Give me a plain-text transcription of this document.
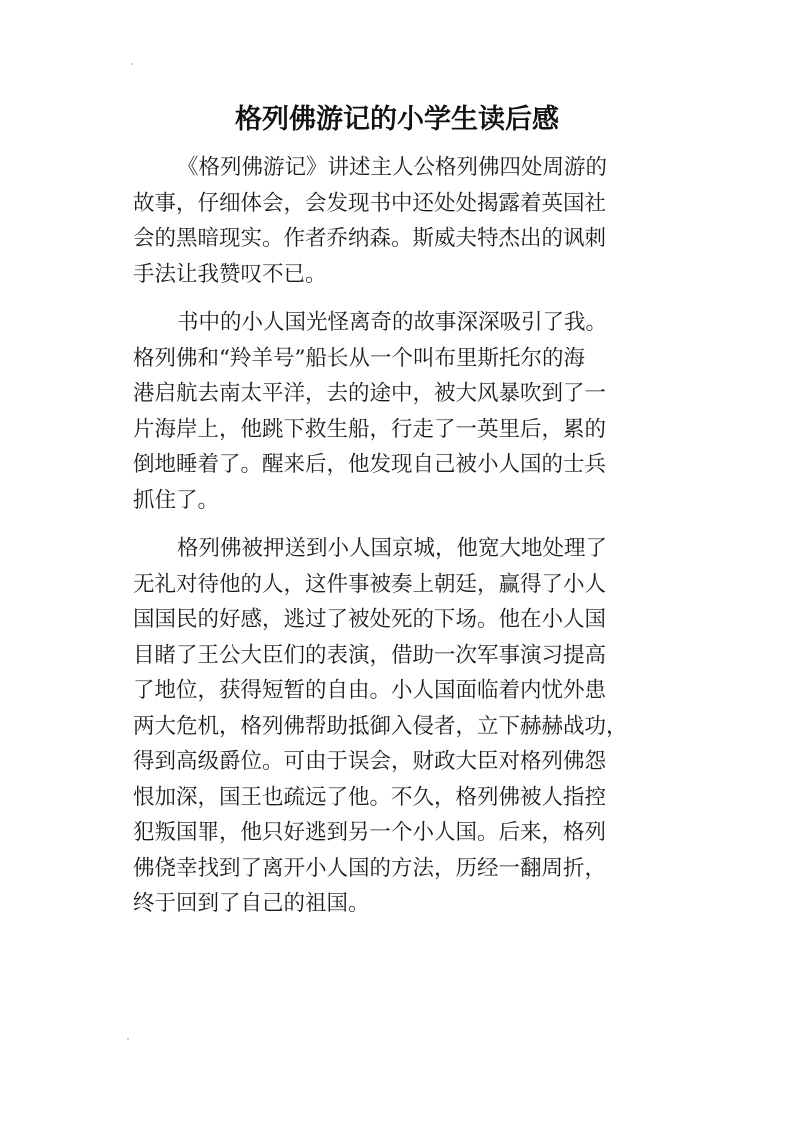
格列佛游记的小学生读后感
《格列佛游记》讲述主人公格列佛四处周游的
故事，仔细体会，会发现书中还处处揭露着英国社
会的黑暗现实。作者乔纳森。斯威夫特杰出的讽刺
手法让我赞叹不已。
书中的小人国光怪离奇的故事深深吸引了我。
格列佛和“羚羊号”船长从一个叫布里斯托尔的海
港启航去南太平洋，去的途中，被大风暴吹到了一
片海岸上，他跳下救生船，行走了一英里后，累的
倒地睡着了。醒来后，他发现自己被小人国的士兵
抓住了。
格列佛被押送到小人国京城，他宽大地处理了
无礼对待他的人，这件事被奏上朝廷，赢得了小人
国国民的好感，逃过了被处死的下场。他在小人国
目睹了王公大臣们的表演，借助一次军事演习提高
了地位，获得短暂的自由。小人国面临着内忧外患
两大危机，格列佛帮助抵御入侵者，立下赫赫战功，
得到高级爵位。可由于误会，财政大臣对格列佛怨
恨加深，国王也疏远了他。不久，格列佛被人指控
犯叛国罪，他只好逃到另一个小人国。后来，格列
佛侥幸找到了离开小人国的方法，历经一翻周折，
终于回到了自己的祖国。
